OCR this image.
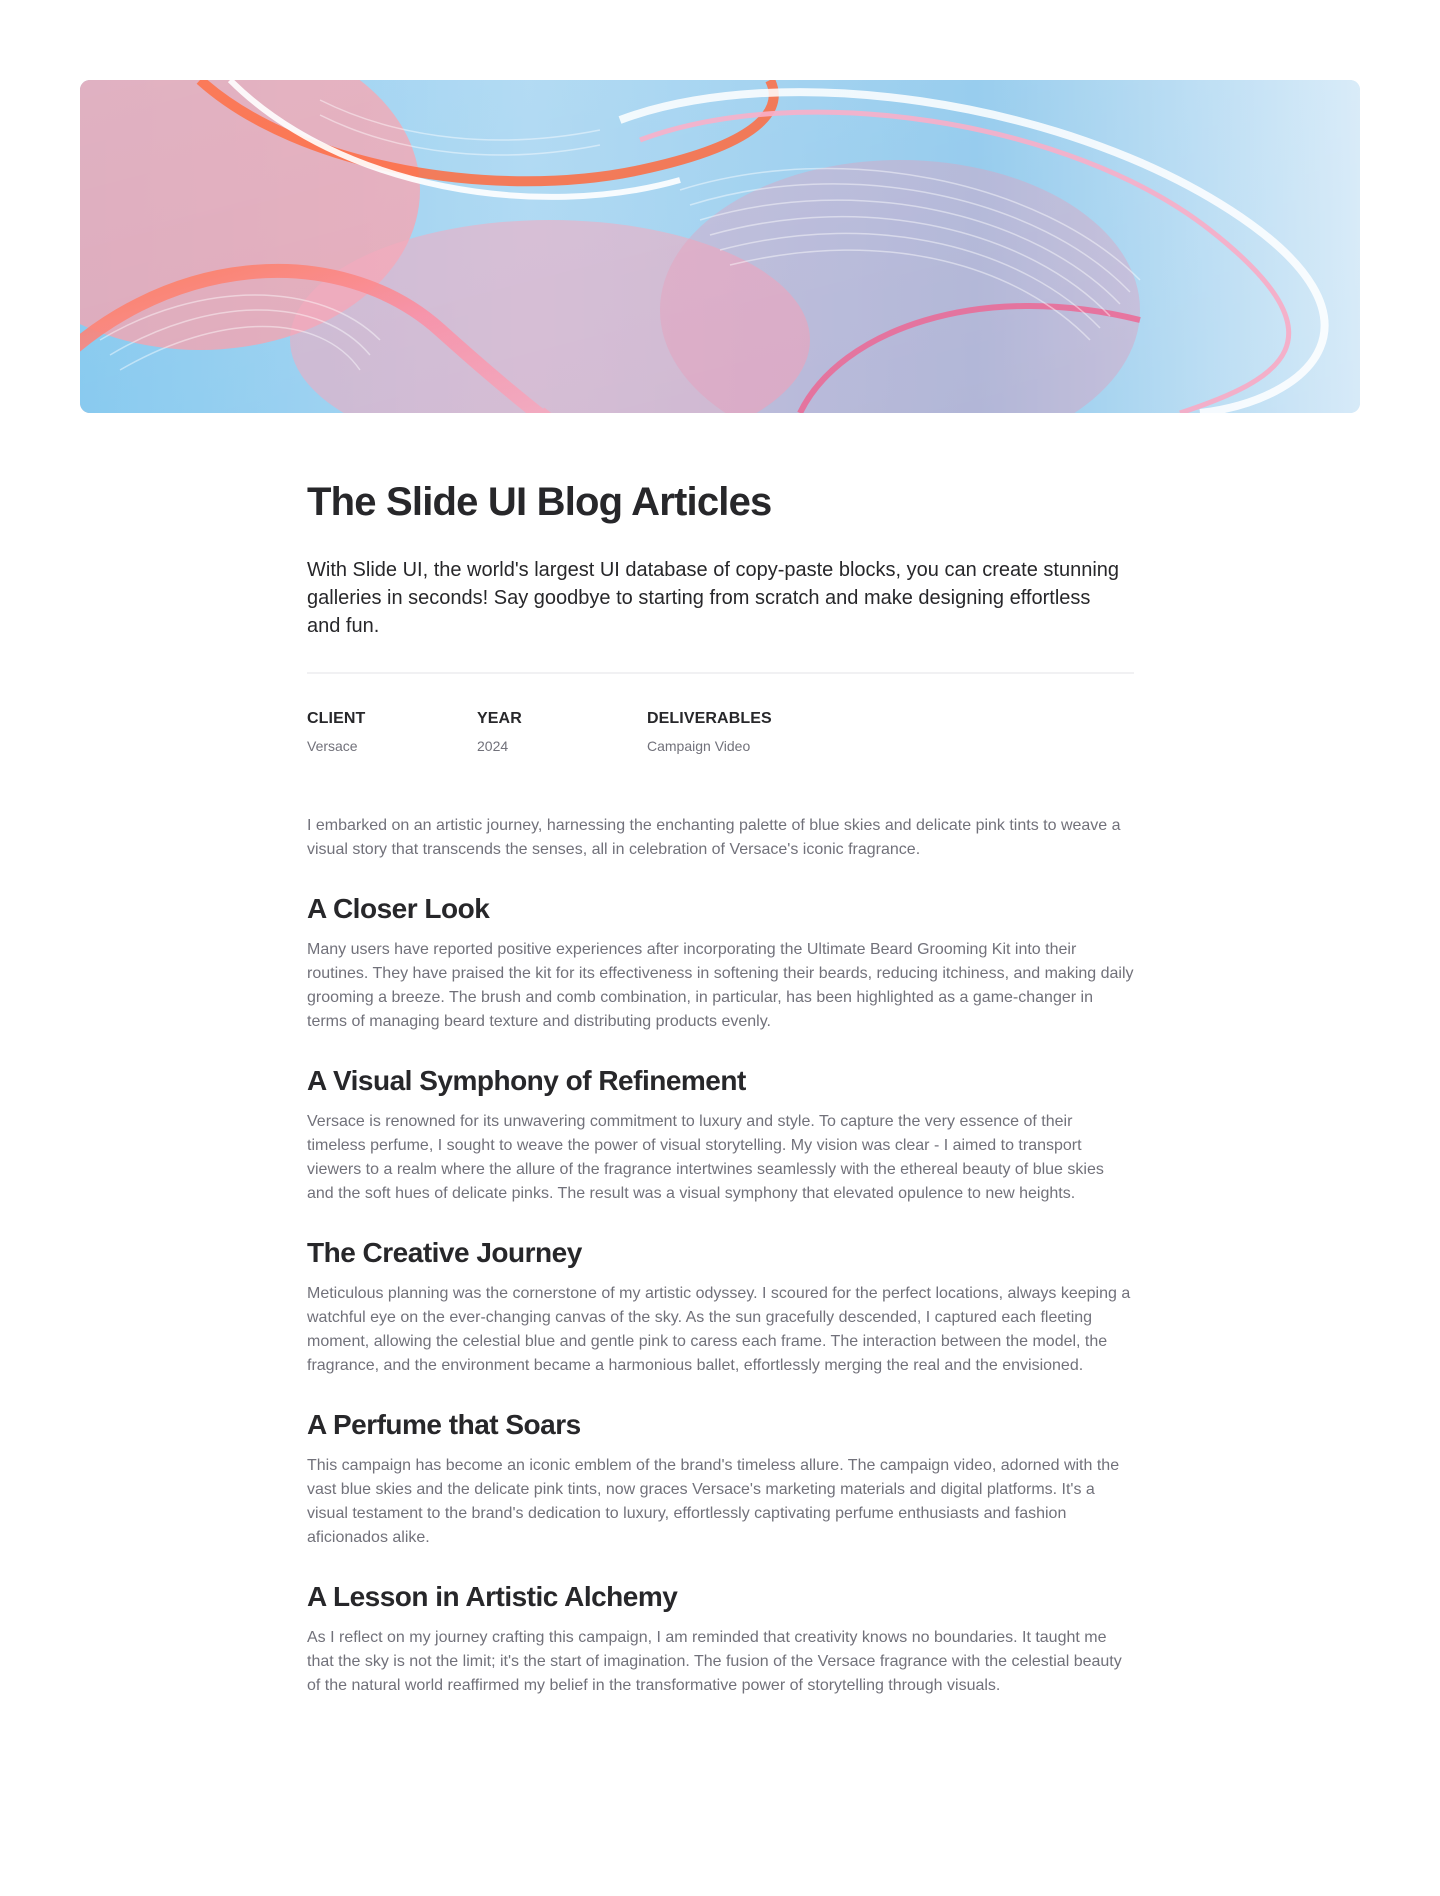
The Slide UI Blog Articles

With Slide UI, the world's largest UI database of copy-paste blocks, you can create stunning galleries in seconds! Say goodbye to starting from scratch and make designing effortless and fun.

CLIENT
Versace
YEAR
2024
DELIVERABLES
Campaign Video

I embarked on an artistic journey, harnessing the enchanting palette of blue skies and delicate pink tints to weave a visual story that transcends the senses, all in celebration of Versace's iconic fragrance.

A Closer Look

Many users have reported positive experiences after incorporating the Ultimate Beard Grooming Kit into their routines. They have praised the kit for its effectiveness in softening their beards, reducing itchiness, and making daily grooming a breeze. The brush and comb combination, in particular, has been highlighted as a game-changer in terms of managing beard texture and distributing products evenly.

A Visual Symphony of Refinement

Versace is renowned for its unwavering commitment to luxury and style. To capture the very essence of their timeless perfume, I sought to weave the power of visual storytelling. My vision was clear - I aimed to transport viewers to a realm where the allure of the fragrance intertwines seamlessly with the ethereal beauty of blue skies and the soft hues of delicate pinks. The result was a visual symphony that elevated opulence to new heights.

The Creative Journey

Meticulous planning was the cornerstone of my artistic odyssey. I scoured for the perfect locations, always keeping a watchful eye on the ever-changing canvas of the sky. As the sun gracefully descended, I captured each fleeting moment, allowing the celestial blue and gentle pink to caress each frame. The interaction between the model, the fragrance, and the environment became a harmonious ballet, effortlessly merging the real and the envisioned.

A Perfume that Soars

This campaign has become an iconic emblem of the brand's timeless allure. The campaign video, adorned with the vast blue skies and the delicate pink tints, now graces Versace's marketing materials and digital platforms. It's a visual testament to the brand's dedication to luxury, effortlessly captivating perfume enthusiasts and fashion aficionados alike.

A Lesson in Artistic Alchemy

As I reflect on my journey crafting this campaign, I am reminded that creativity knows no boundaries. It taught me that the sky is not the limit; it's the start of imagination. The fusion of the Versace fragrance with the celestial beauty of the natural world reaffirmed my belief in the transformative power of storytelling through visuals.
